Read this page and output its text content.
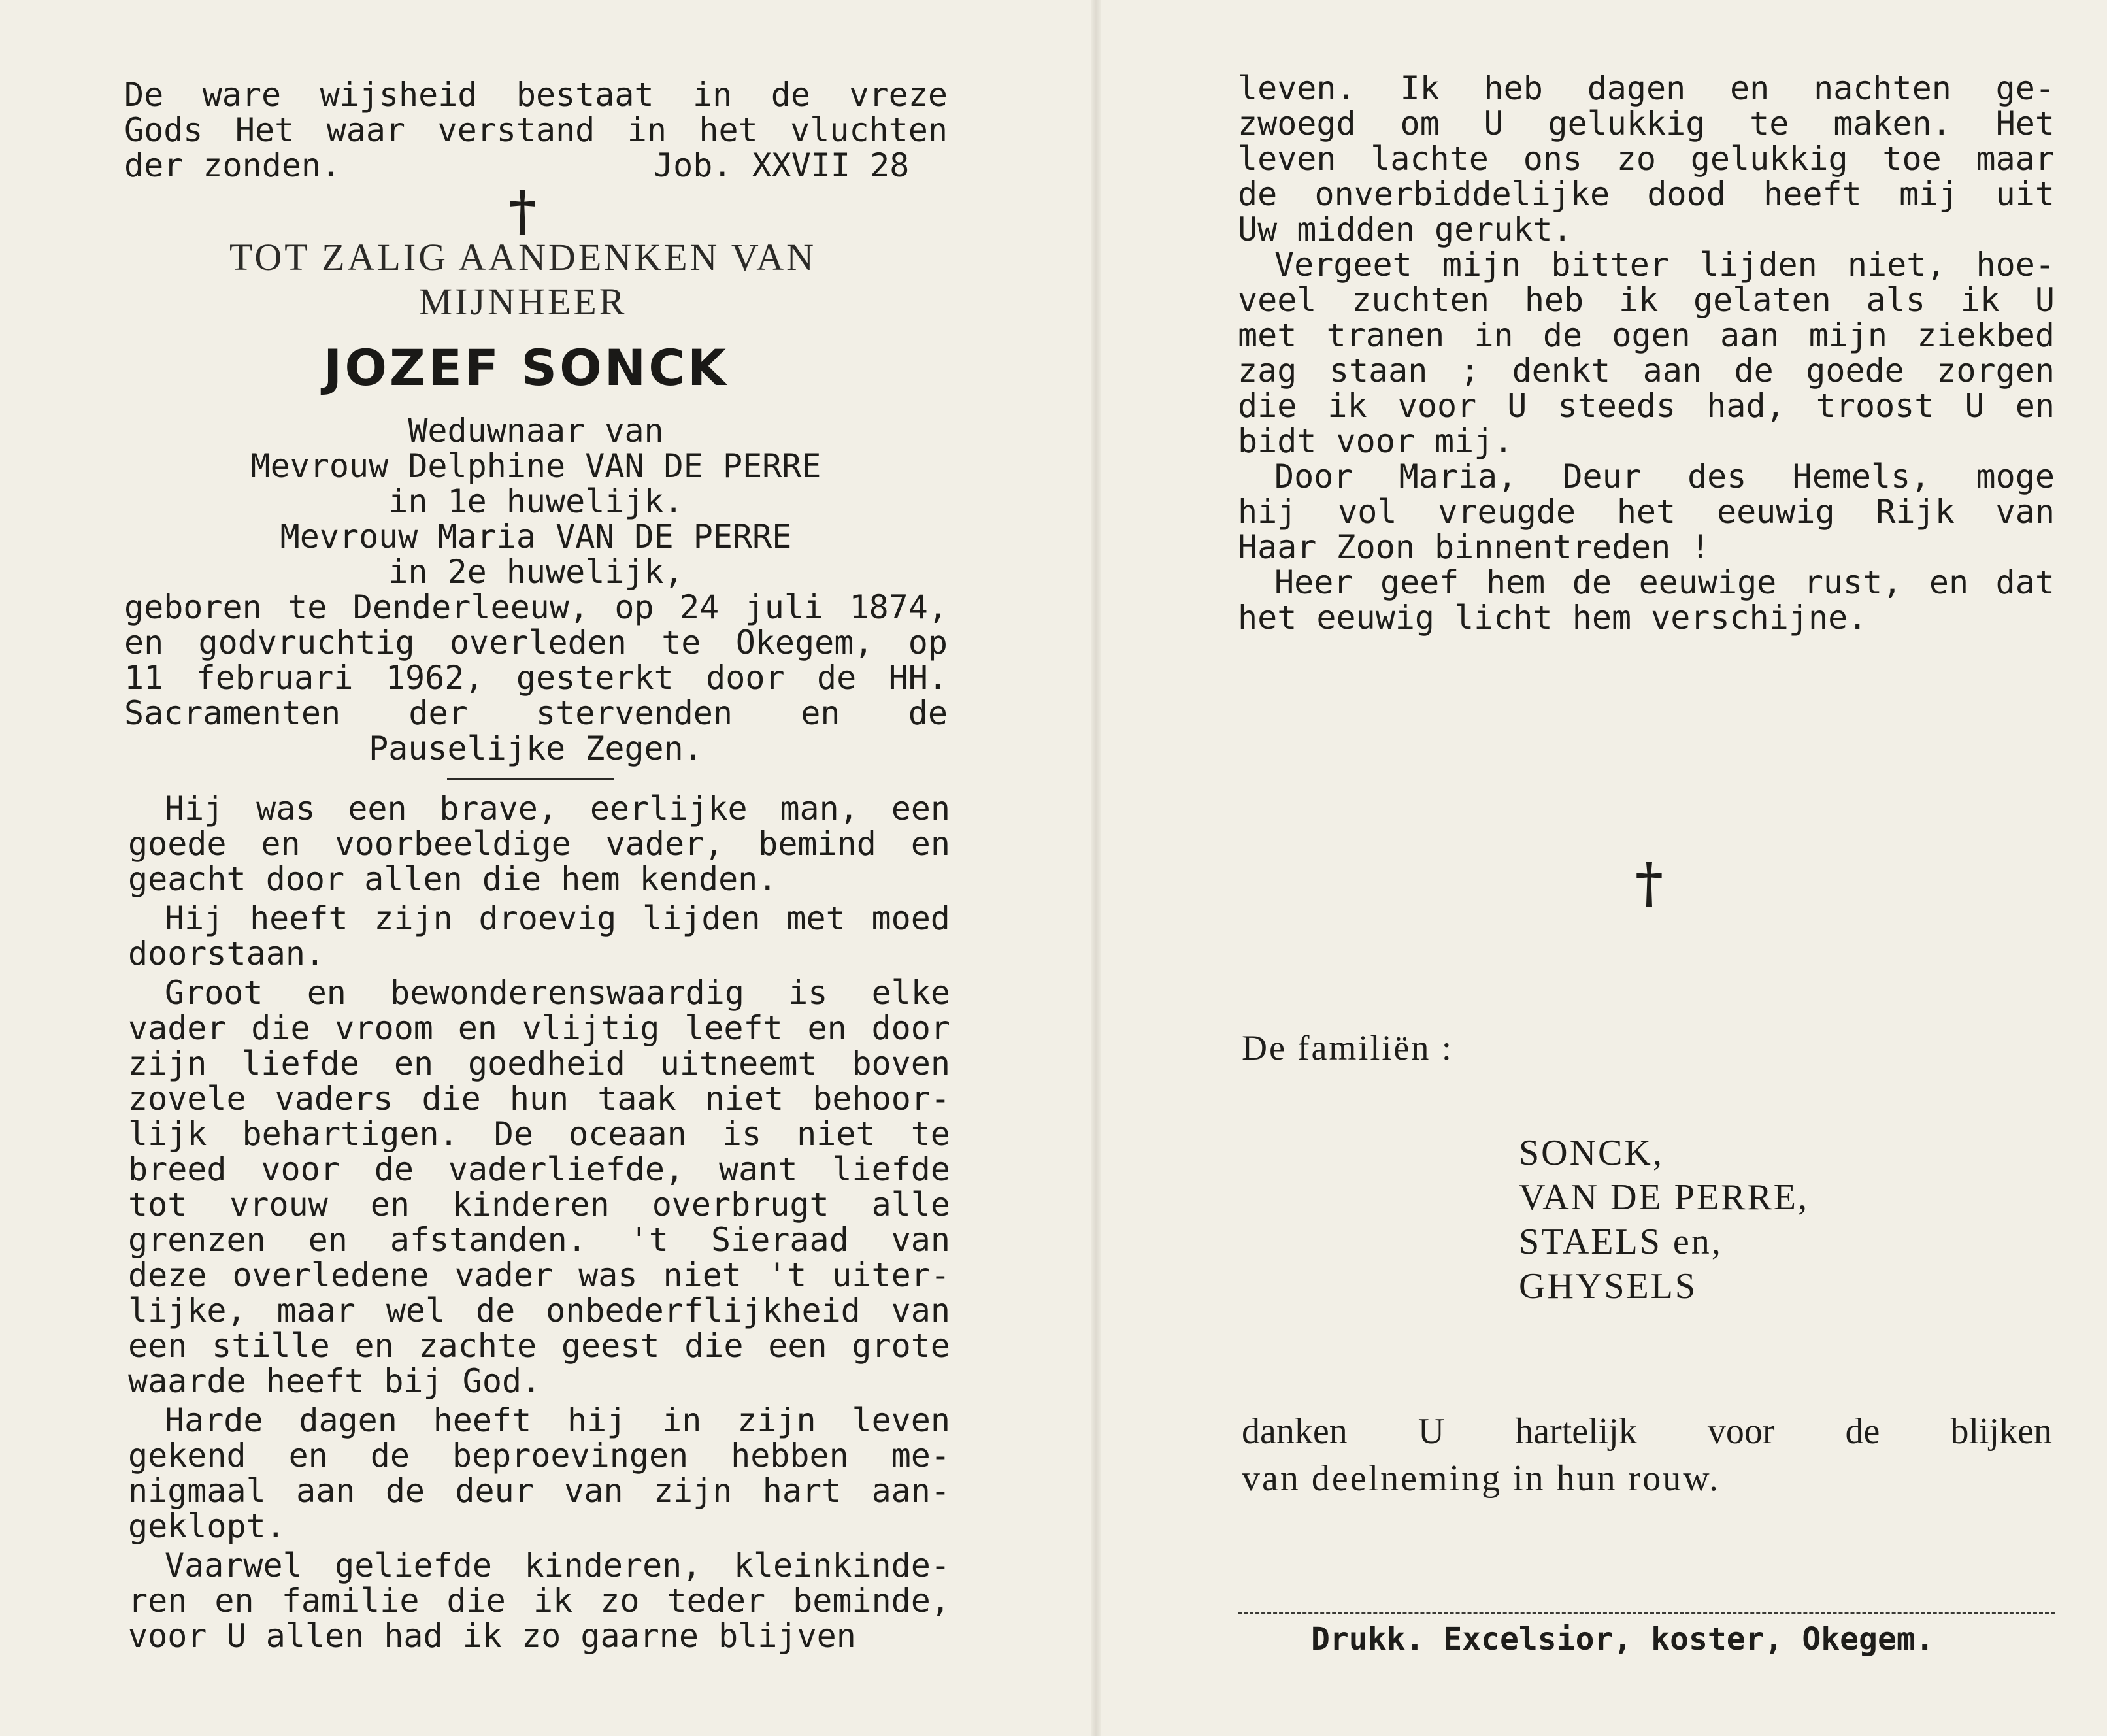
De ware wijsheid bestaat in de vreze
Gods Het waar verstand in het vluchten
der zonden.	Job. XXVII 28
†
TOT ZALIG AANDENKEN VAN
MIJNHEER
JOZEF SONCK
Weduwnaar van
Mevrouw Delphine VAN DE PERRE
in 1e huwelijk.
Mevrouw Maria VAN DE PERRE
in 2e huwelijk,
geboren te Denderleeuw, op 24 juli 1874,
en godvruchtig overleden te Okegem, op
11 februari 1962, gesterkt door de HH.
Sacramenten der stervenden en de
Pauselijke Zegen.
Hij was een brave, eerlijke man, een
goede en voorbeeldige vader, bemind en
geacht door allen die hem kenden.
Hij heeft zijn droevig lijden met moed
doorstaan.
Groot en bewonderenswaardig is elke
vader die vroom en vlijtig leeft en door
zijn liefde en goedheid uitneemt boven
zovele vaders die hun taak niet behoor-
lijk behartigen. De oceaan is niet te
breed voor de vaderliefde, want liefde
tot vrouw en kinderen overbrugt alle
grenzen en afstanden. 't Sieraad van
deze overledene vader was niet 't uiter-
lijke, maar wel de onbederflijkheid van
een stille en zachte geest die een grote
waarde heeft bij God.
Harde dagen heeft hij in zijn leven
gekend en de beproevingen hebben me-
nigmaal aan de deur van zijn hart aan-
geklopt.
Vaarwel geliefde kinderen, kleinkinde-
ren en familie die ik zo teder beminde,
voor U allen had ik zo gaarne blijven
leven. Ik heb dagen en nachten ge-
zwoegd om U gelukkig te maken. Het
leven lachte ons zo gelukkig toe maar
de onverbiddelijke dood heeft mij uit
Uw midden gerukt.
Vergeet mijn bitter lijden niet, hoe-
veel zuchten heb ik gelaten als ik U
met tranen in de ogen aan mijn ziekbed
zag staan ; denkt aan de goede zorgen
die ik voor U steeds had, troost U en
bidt voor mij.
Door Maria, Deur des Hemels, moge
hij vol vreugde het eeuwig Rijk van
Haar Zoon binnentreden !
Heer geef hem de eeuwige rust, en dat
het eeuwig licht hem verschijne.
†
De familiën :
SONCK,
VAN DE PERRE,
STAELS en,
GHYSELS
danken U hartelijk voor de blijken
van deelneming in hun rouw.
Drukk. Excelsior, koster, Okegem.
